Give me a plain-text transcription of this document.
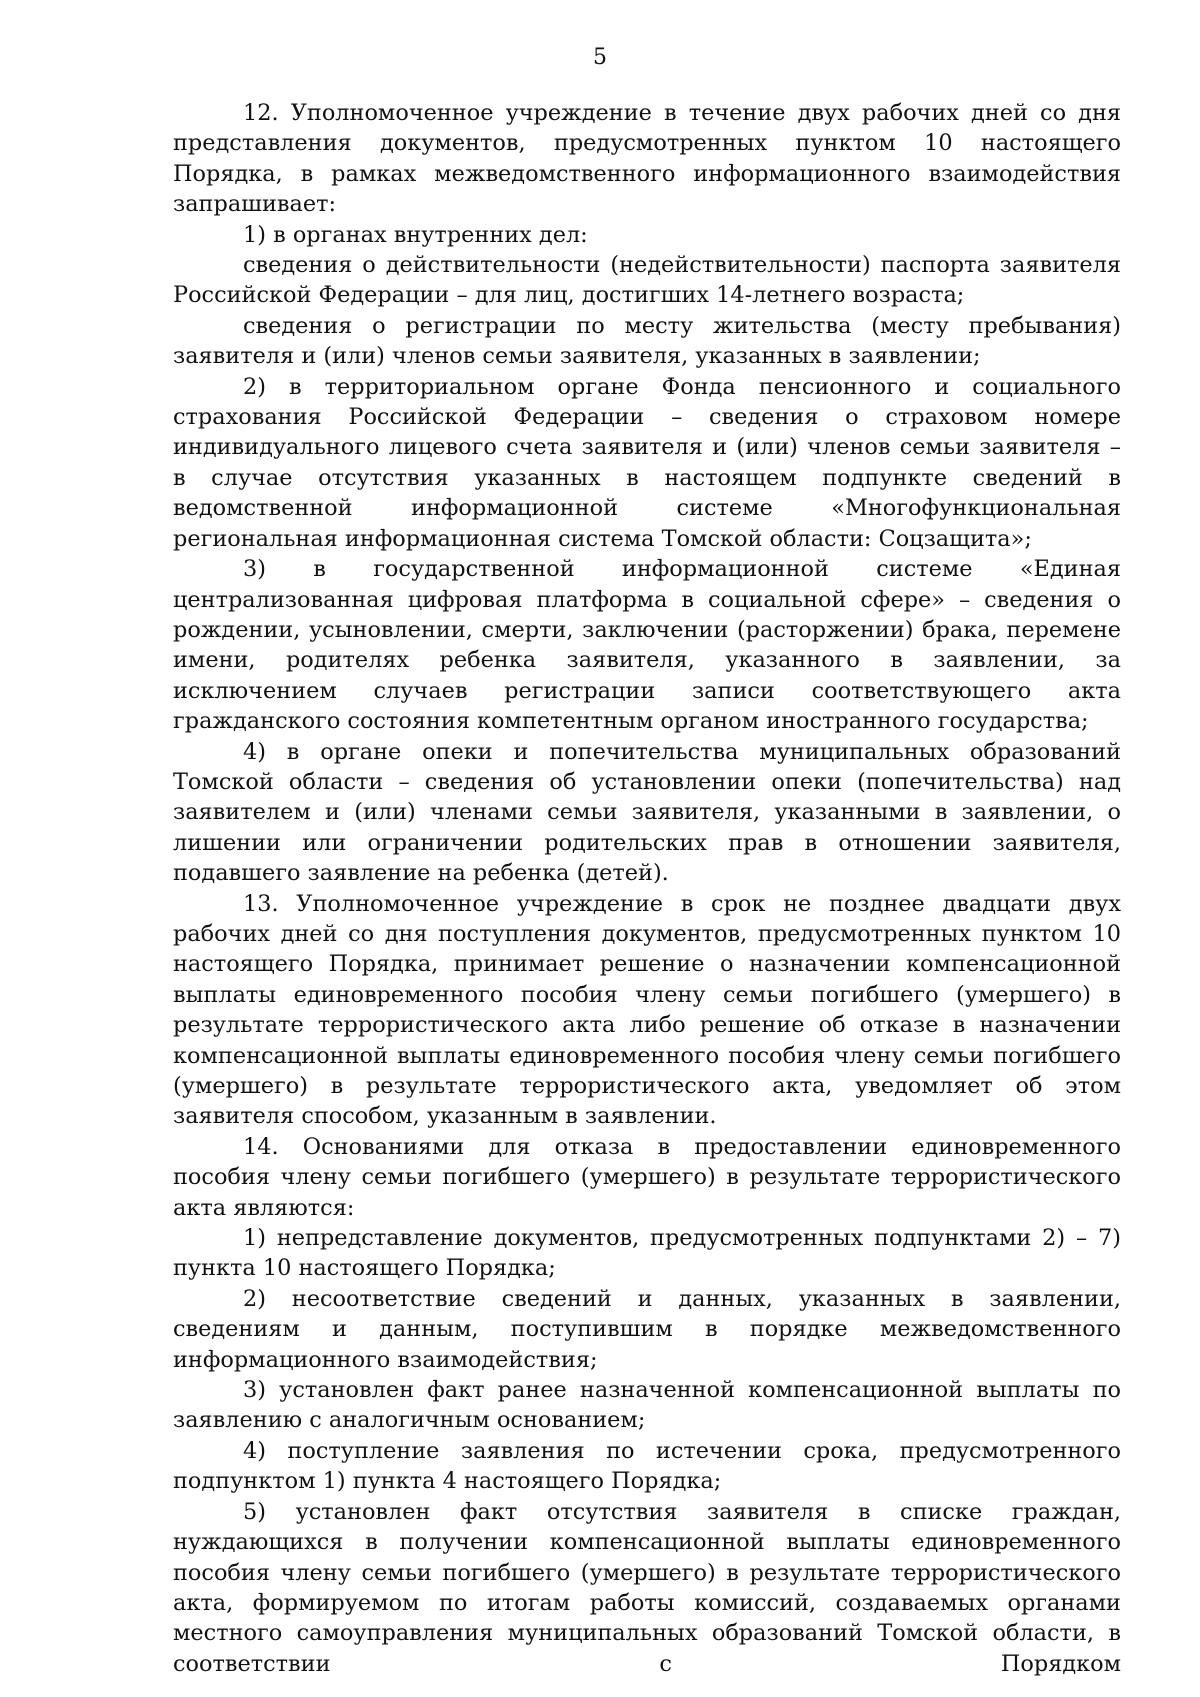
5

12. Уполномоченное учреждение в течение двух рабочих дней со дня представления документов, предусмотренных пунктом 10 настоящего Порядка, в рамках межведомственного информационного взаимодействия запрашивает:

1) в органах внутренних дел:

сведения о действительности (недействительности) паспорта заявителя Российской Федерации – для лиц, достигших 14-летнего возраста;

сведения о регистрации по месту жительства (месту пребывания) заявителя и (или) членов семьи заявителя, указанных в заявлении;

2) в территориальном органе Фонда пенсионного и социального страхования Российской Федерации – сведения о страховом номере индивидуального лицевого счета заявителя и (или) членов семьи заявителя – в случае отсутствия указанных в настоящем подпункте сведений в ведомственной информационной системе «Многофункциональная региональная информационная система Томской области: Соцзащита»;

3) в государственной информационной системе «Единая централизованная цифровая платформа в социальной сфере» – сведения о рождении, усыновлении, смерти, заключении (расторжении) брака, перемене имени, родителях ребенка заявителя, указанного в заявлении, за исключением случаев регистрации записи соответствующего акта гражданского состояния компетентным органом иностранного государства;

4) в органе опеки и попечительства муниципальных образований Томской области – сведения об установлении опеки (попечительства) над заявителем и (или) членами семьи заявителя, указанными в заявлении, о лишении или ограничении родительских прав в отношении заявителя, подавшего заявление на ребенка (детей).

13. Уполномоченное учреждение в срок не позднее двадцати двух рабочих дней со дня поступления документов, предусмотренных пунктом 10 настоящего Порядка, принимает решение о назначении компенсационной выплаты единовременного пособия члену семьи погибшего (умершего) в результате террористического акта либо решение об отказе в назначении компенсационной выплаты единовременного пособия члену семьи погибшего (умершего) в результате террористического акта, уведомляет об этом заявителя способом, указанным в заявлении.

14. Основаниями для отказа в предоставлении единовременного пособия члену семьи погибшего (умершего) в результате террористического акта являются:

1) непредставление документов, предусмотренных подпунктами 2) – 7) пункта 10 настоящего Порядка;

2) несоответствие сведений и данных, указанных в заявлении, сведениям и данным, поступившим в порядке межведомственного информационного взаимодействия;

3) установлен факт ранее назначенной компенсационной выплаты по заявлению с аналогичным основанием;

4) поступление заявления по истечении срока, предусмотренного подпунктом 1) пункта 4 настоящего Порядка;

5) установлен факт отсутствия заявителя в списке граждан, нуждающихся в получении компенсационной выплаты единовременного пособия члену семьи погибшего (умершего) в результате террористического акта, формируемом по итогам работы комиссий, создаваемых органами местного самоуправления муниципальных образований Томской области, в соответствии с Порядком
